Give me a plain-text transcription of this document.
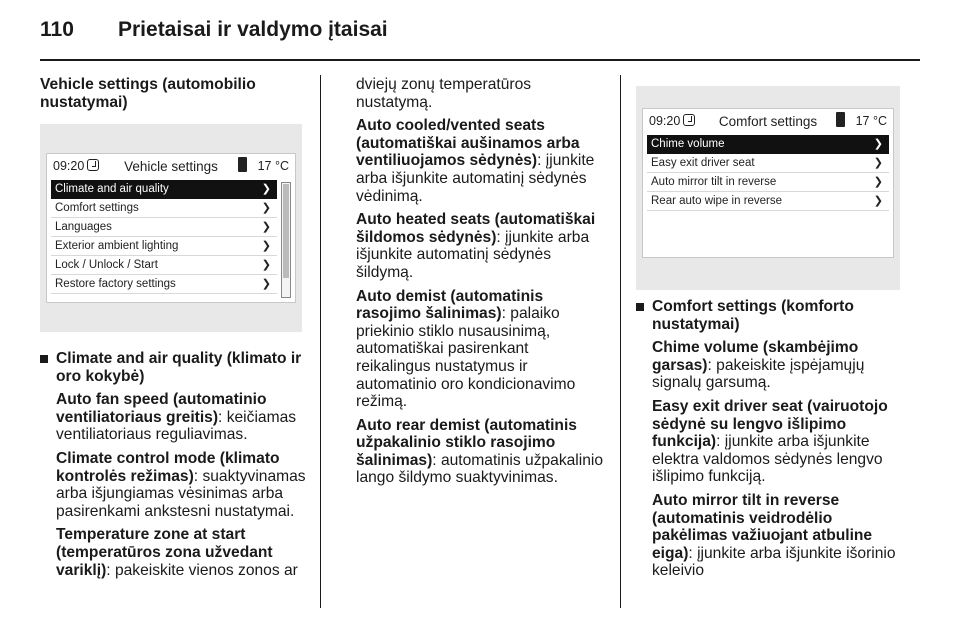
110 Prietaisai ir valdymo įtaisai

Vehicle settings (automobilio nustatymai)

09:20	Vehicle settings	17 °C
Climate and air quality	❯
Comfort settings	❯
Languages	❯
Exterior ambient lighting	❯
Lock / Unlock / Start	❯
Restore factory settings	❯

Climate and air quality (klimato ir oro kokybė)

Auto fan speed (automatinio ventiliatoriaus greitis): keičiamas ventiliatoriaus reguliavimas.

Climate control mode (klimato kontrolės režimas): suaktyvinamas arba išjungiamas vėsinimas arba pasirenkami ankstesni nustatymai.

Temperature zone at start (temperatūros zona užvedant variklį): pakeiskite vienos zonos ar

dviejų zonų temperatūros nustatymą.

Auto cooled/vented seats (automatiškai aušinamos arba ventiliuojamos sėdynės): įjunkite arba išjunkite automatinį sėdynės vėdinimą.

Auto heated seats (automatiškai šildomos sėdynės): įjunkite arba išjunkite automatinį sėdynės šildymą.

Auto demist (automatinis rasojimo šalinimas): palaiko priekinio stiklo nusausinimą, automatiškai pasirenkant reikalingus nustatymus ir automatinio oro kondicionavimo režimą.

Auto rear demist (automatinis užpakalinio stiklo rasojimo šalinimas): automatinis užpakalinio lango šildymo suaktyvinimas.

09:20	Comfort settings	17 °C
Chime volume	❯
Easy exit driver seat	❯
Auto mirror tilt in reverse	❯
Rear auto wipe in reverse	❯

Comfort settings (komforto nustatymai)

Chime volume (skambėjimo garsas): pakeiskite įspėjamųjų signalų garsumą.

Easy exit driver seat (vairuotojo sėdynė su lengvo išlipimo funkcija): įjunkite arba išjunkite elektra valdomos sėdynės lengvo išlipimo funkciją.

Auto mirror tilt in reverse (automatinis veidrodėlio pakėlimas važiuojant atbuline eiga): įjunkite arba išjunkite išorinio keleivio
